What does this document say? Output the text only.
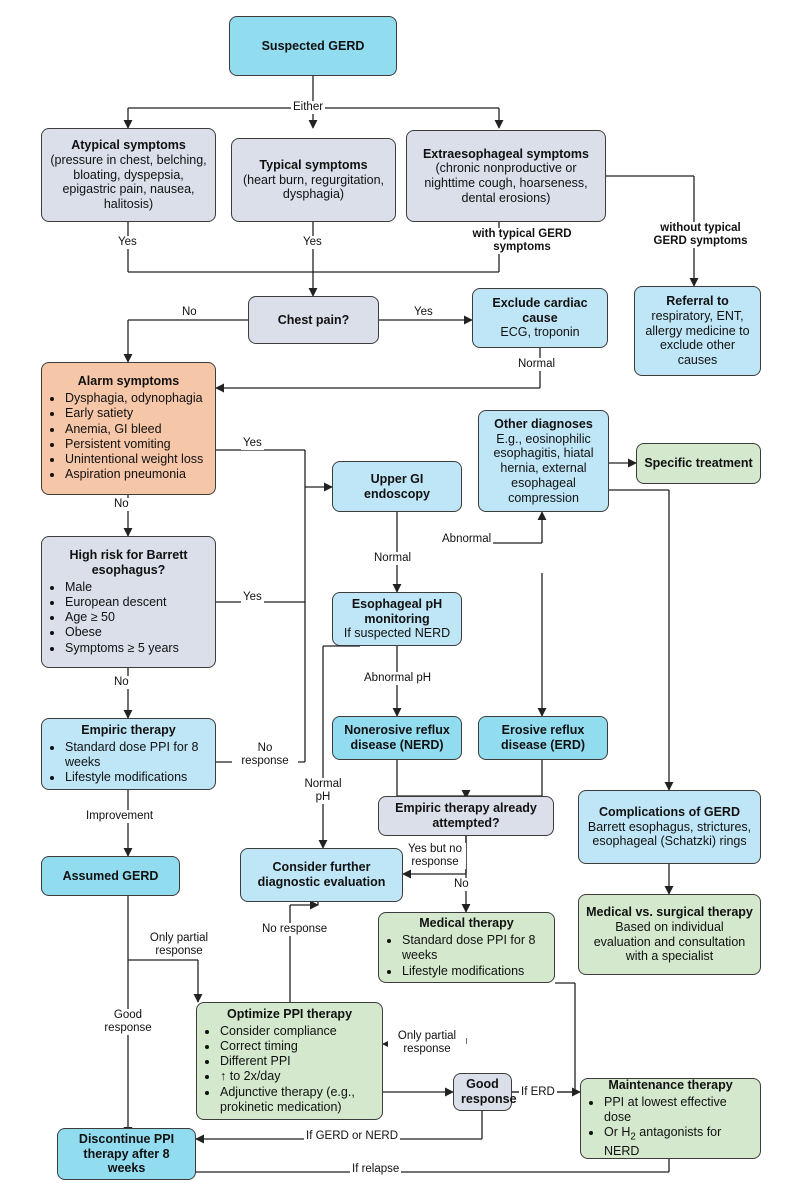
Suspected GERD
Atypical symptoms
(pressure in chest, belching, bloating, dyspepsia, epigastric pain, nausea, halitosis)
Typical symptoms
(heart burn, regurgitation, dysphagia)
Extraesophageal symptoms
(chronic nonproductive or nighttime cough, hoarseness, dental erosions)
Chest pain?
Exclude cardiac cause
ECG, troponin
Referral to
respiratory, ENT, allergy medicine to exclude other causes
Alarm symptoms
• Dysphagia, odynophagia
• Early satiety
• Anemia, GI bleed
• Persistent vomiting
• Unintentional weight loss
• Aspiration pneumonia
High risk for Barrett esophagus?
• Male
• European descent
• Age ≥ 50
• Obese
• Symptoms ≥ 5 years
Empiric therapy
• Standard dose PPI for 8 weeks
• Lifestyle modifications
Assumed GERD
Upper GI endoscopy
Other diagnoses
E.g., eosinophilic esophagitis, hiatal hernia, external esophageal compression
Specific treatment
Esophageal pH monitoring
If suspected NERD
Nonerosive reflux disease (NERD)
Erosive reflux disease (ERD)
Empiric therapy already attempted?
Complications of GERD
Barrett esophagus, strictures, esophageal (Schatzki) rings
Consider further diagnostic evaluation
Medical therapy
• Standard dose PPI for 8 weeks
• Lifestyle modifications
Medical vs. surgical therapy
Based on individual evaluation and consultation with a specialist
Optimize PPI therapy
• Consider compliance
• Correct timing
• Different PPI
• ↑ to 2x/day
• Adjunctive therapy (e.g., prokinetic medication)
Good response
Maintenance therapy
• PPI at lowest effective dose
• Or $H_2$ antagonists for NERD
Discontinue PPI therapy after 8 weeks
Either
Yes	Yes
with typical GERD symptoms
without typical GERD symptoms
No	Yes
Normal
Yes
No
Yes
No
No response
Improvement
Normal
Abnormal
Abnormal pH
Normal pH
Yes but no response
No
Only partial response
Good response
No response
Only partial response
If ERD
If GERD or NERD
If relapse
